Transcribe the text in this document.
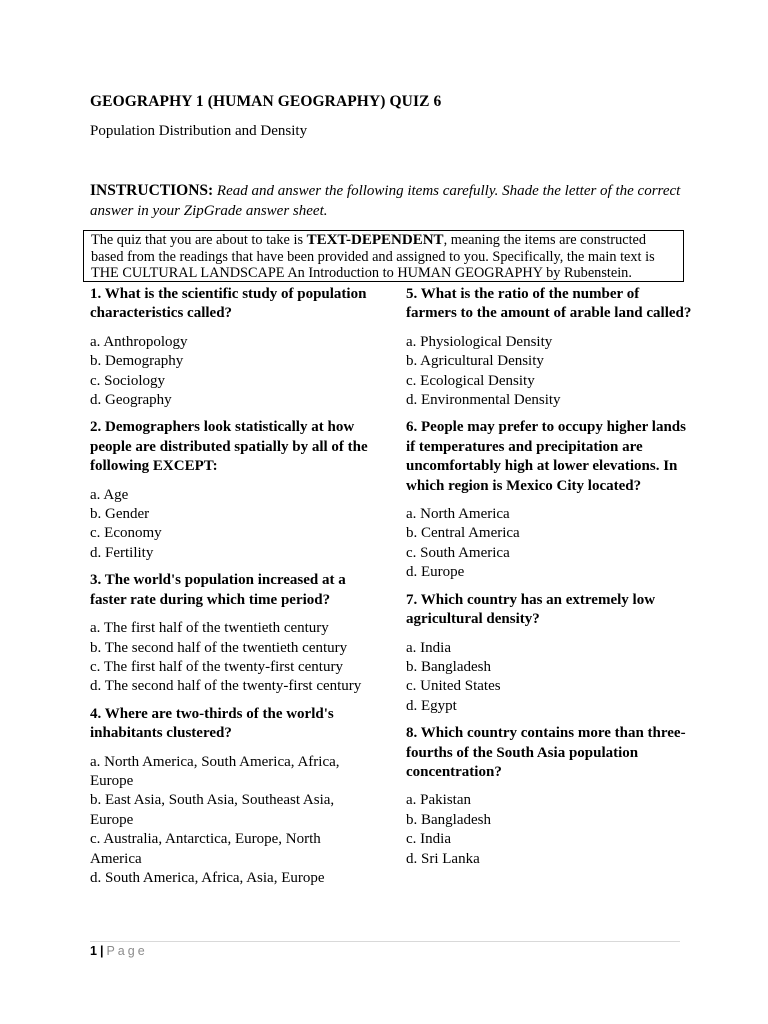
GEOGRAPHY 1 (HUMAN GEOGRAPHY) QUIZ 6
Population Distribution and Density
INSTRUCTIONS: Read and answer the following items carefully. Shade the letter of the correct answer in your ZipGrade answer sheet.
The quiz that you are about to take is TEXT-DEPENDENT, meaning the items are constructed based from the readings that have been provided and assigned to you. Specifically, the main text is THE CULTURAL LANDSCAPE An Introduction to HUMAN GEOGRAPHY by Rubenstein.

1. What is the scientific study of population characteristics called?

a. Anthropology
b. Demography
c. Sociology
d. Geography

2. Demographers look statistically at how people are distributed spatially by all of the following EXCEPT:

a. Age
b. Gender
c. Economy
d. Fertility

3. The world's population increased at a faster rate during which time period?

a. The first half of the twentieth century
b. The second half of the twentieth century
c. The first half of the twenty-first century
d. The second half of the twenty-first century

4. Where are two-thirds of the world's inhabitants clustered?

a. North America, South America, Africa, Europe
b. East Asia, South Asia, Southeast Asia, Europe
c. Australia, Antarctica, Europe, North America
d. South America, Africa, Asia, Europe

5. What is the ratio of the number of farmers to the amount of arable land called?

a. Physiological Density
b. Agricultural Density
c. Ecological Density
d. Environmental Density

6. People may prefer to occupy higher lands if temperatures and precipitation are uncomfortably high at lower elevations. In which region is Mexico City located?

a. North America
b. Central America
c. South America
d. Europe

7. Which country has an extremely low agricultural density?

a. India
b. Bangladesh
c. United States
d. Egypt

8. Which country contains more than three-fourths of the South Asia population concentration?

a. Pakistan
b. Bangladesh
c. India
d. Sri Lanka
1 | Page
